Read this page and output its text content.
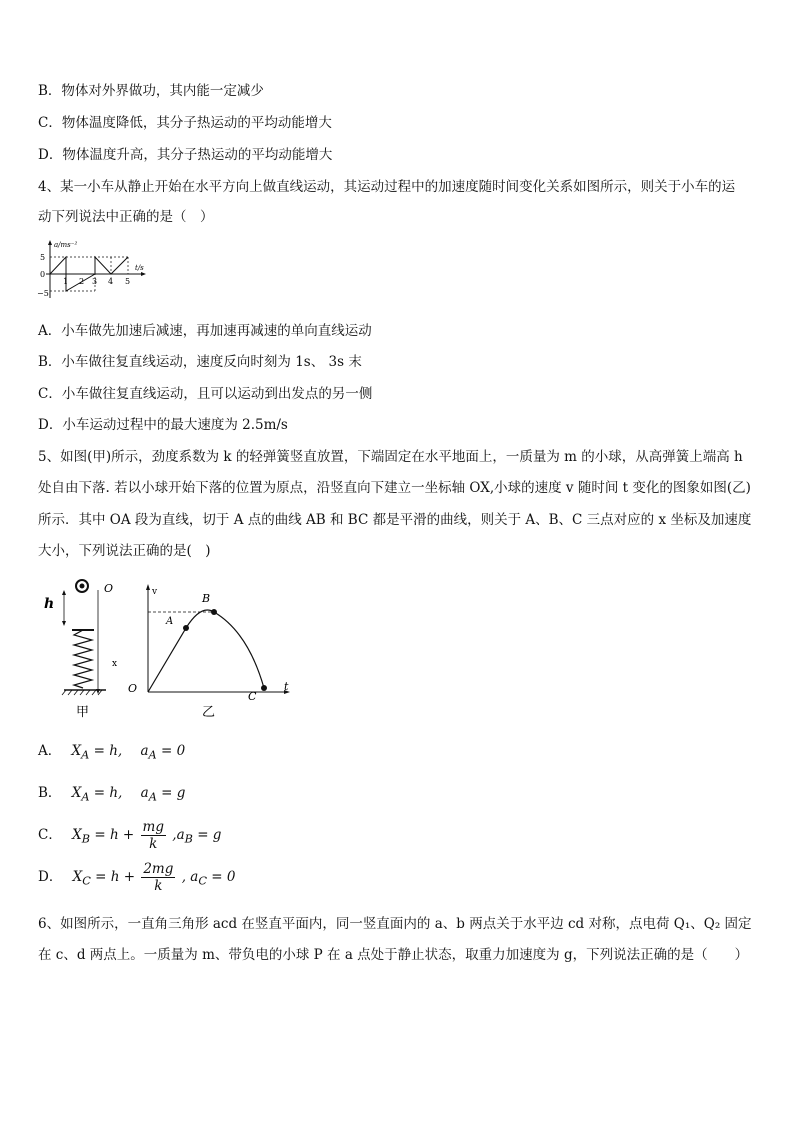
B．物体对外界做功，其内能一定减少
C．物体温度降低，其分子热运动的平均动能增大
D．物体温度升高，其分子热运动的平均动能增大
4、某一小车从静止开始在水平方向上做直线运动，其运动过程中的加速度随时间变化关系如图所示，则关于小车的运
动下列说法中正确的是（　）
a/ms⁻²
5
0
−5
1 2 3 4 5
t/s
A．小车做先加速后减速，再加速再减速的单向直线运动
B．小车做往复直线运动，速度反向时刻为 1s、 3s 末
C．小车做往复直线运动，且可以运动到出发点的另一侧
D．小车运动过程中的最大速度为 2.5m/s
5、如图(甲)所示，劲度系数为 k 的轻弹簧竖直放置，下端固定在水平地面上，一质量为 m 的小球，从高弹簧上端高 h
处自由下落. 若以小球开始下落的位置为原点，沿竖直向下建立一坐标轴 OX,小球的速度 v 随时间 t 变化的图象如图(乙)
所示．其中 OA 段为直线，切于 A 点的曲线 AB 和 BC 都是平滑的曲线，则关于 A、B、C 三点对应的 x 坐标及加速度
大小，下列说法正确的是(　)
h
O
x
甲
v
O
A
B
C
t
乙
A． $X_A = h$, $a_A = 0$
B． $X_A = h$, $a_A = g$
C． $X_B = h + \frac{mg}{k} ,a_B = g$
D． $X_C = h + \frac{2mg}{k}$ , $a_C = 0$
6、如图所示，一直角三角形 acd 在竖直平面内，同一竖直面内的 a、b 两点关于水平边 cd 对称，点电荷 Q₁、Q₂ 固定
在 c、d 两点上。一质量为 m、带负电的小球 P 在 a 点处于静止状态，取重力加速度为 g，下列说法正确的是（　　）
